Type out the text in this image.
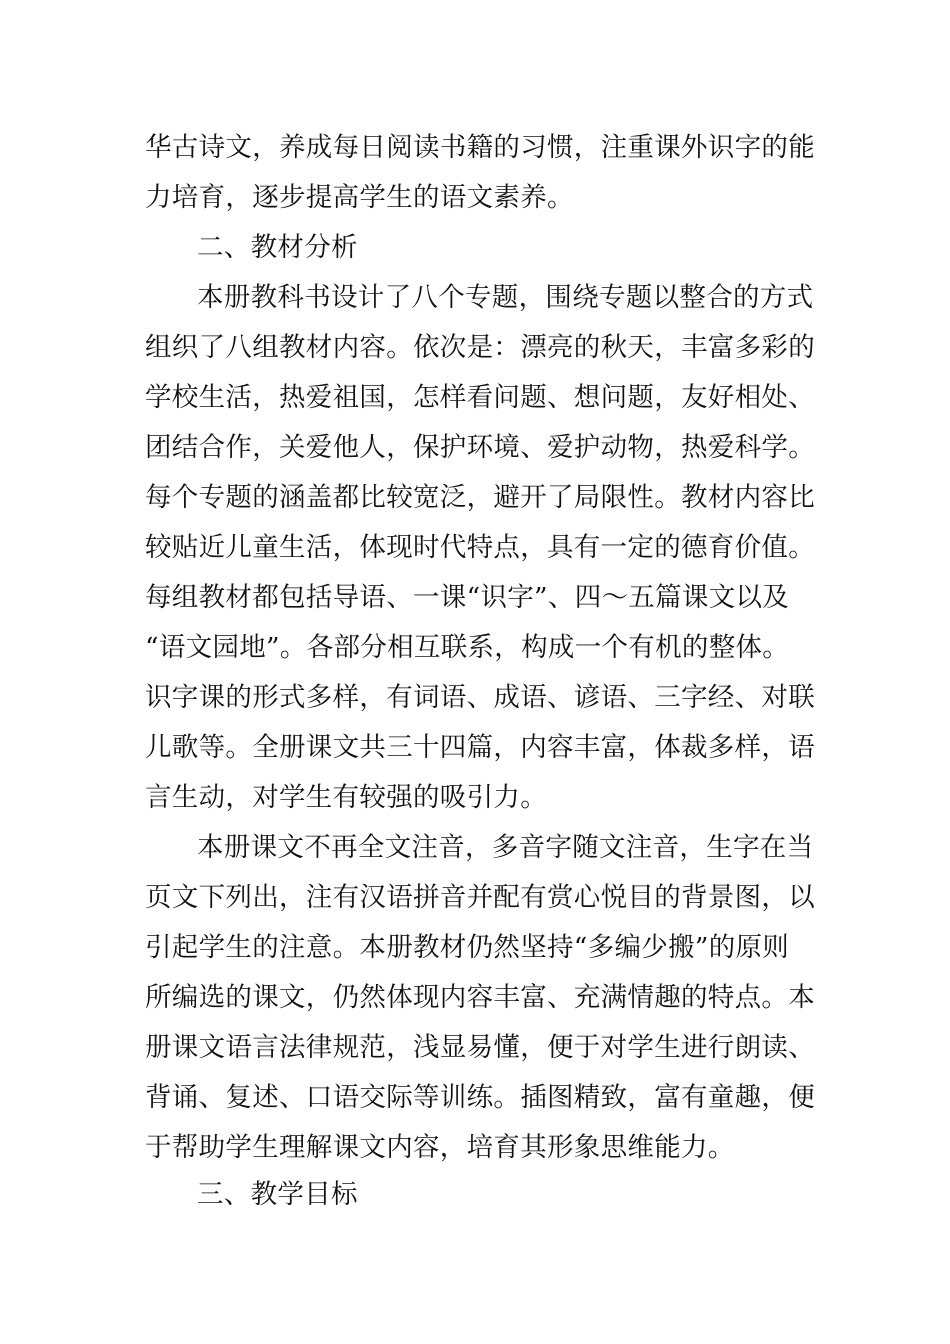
华古诗文，养成每日阅读书籍的习惯，注重课外识字的能

力培育，逐步提高学生的语文素养。

二、教材分析

本册教科书设计了八个专题，围绕专题以整合的方式

组织了八组教材内容。依次是：漂亮的秋天，丰富多彩的

学校生活，热爱祖国，怎样看问题、想问题，友好相处、

团结合作，关爱他人，保护环境、爱护动物，热爱科学。

每个专题的涵盖都比较宽泛，避开了局限性。教材内容比

较贴近儿童生活，体现时代特点，具有一定的德育价值。

每组教材都包括导语、一课“识字”、四～五篇课文以及

“语文园地”。各部分相互联系，构成一个有机的整体。

识字课的形式多样，有词语、成语、谚语、三字经、对联

儿歌等。全册课文共三十四篇，内容丰富，体裁多样，语

言生动，对学生有较强的吸引力。

本册课文不再全文注音，多音字随文注音，生字在当

页文下列出，注有汉语拼音并配有赏心悦目的背景图，以

引起学生的注意。本册教材仍然坚持“多编少搬”的原则

所编选的课文，仍然体现内容丰富、充满情趣的特点。本

册课文语言法律规范，浅显易懂，便于对学生进行朗读、

背诵、复述、口语交际等训练。插图精致，富有童趣，便

于帮助学生理解课文内容，培育其形象思维能力。

三、教学目标
